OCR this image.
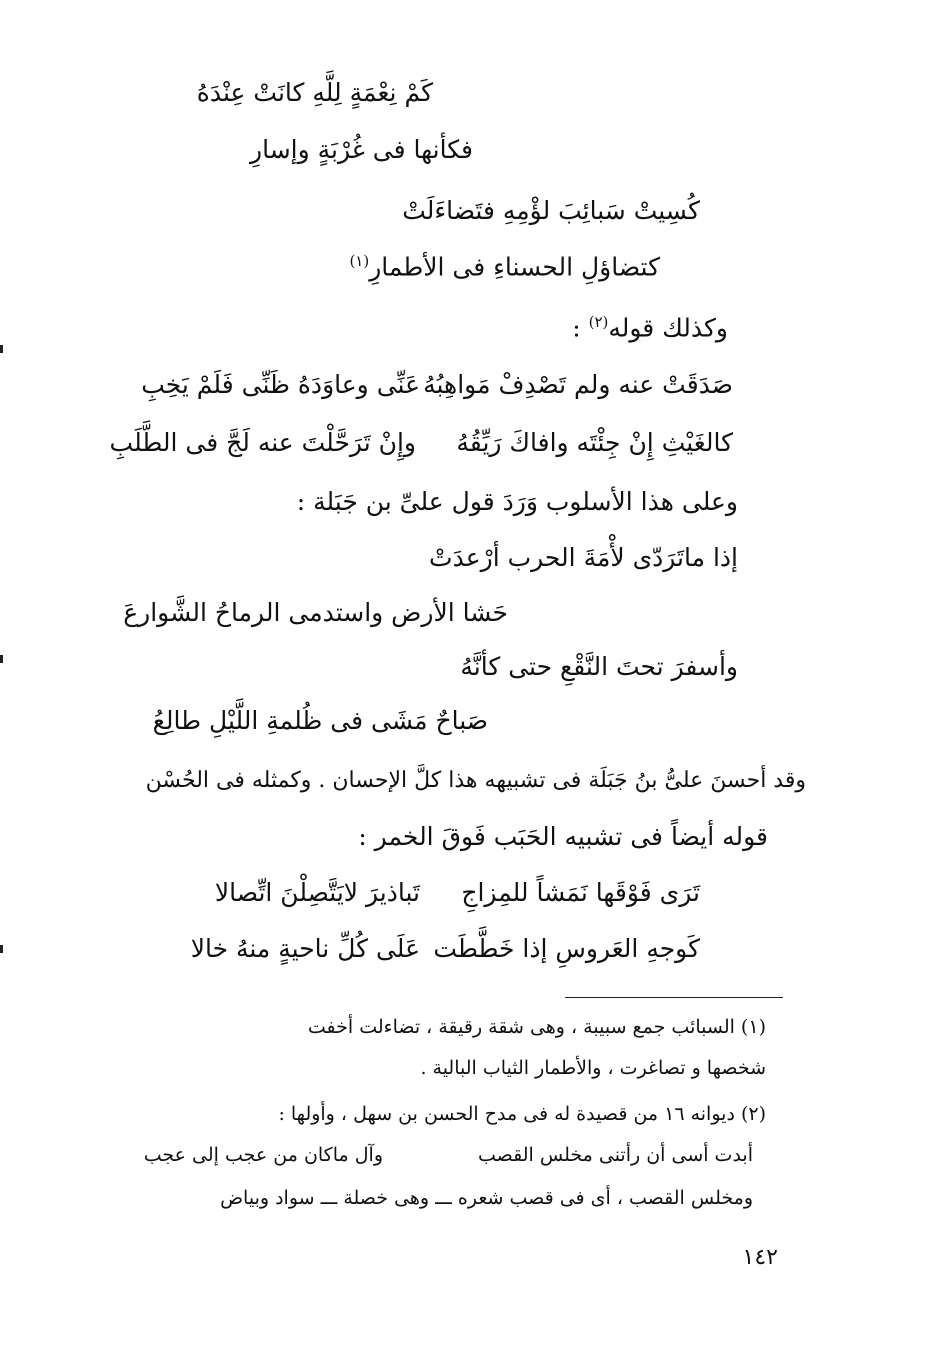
كَمْ نِعْمَةٍ لِلَّهِ كانَتْ عِنْدَهُ
فكأنها فى غُرْبَةٍ وإسارِ
كُسِيتْ سَبائِبَ لؤْمِهِ فتَضاءَلَتْ
كتضاؤلِ الحسناءِ فى الأطمارِ$^{(١)}$
وكذلك قوله$^{(٢)}$ :
صَدَقَتْ عنه ولم تَصْدِفْ مَواهِبُهُ
عَنِّى وعاوَدَهُ ظَنِّى فَلَمْ يَخِبِ
كالغَيْثِ إِنْ جِئْتَه وافاكَ رَيِّقُهُ
وإِنْ تَرَحَّلْتَ عنه لَجَّ فى الطَّلَبِ
وعلى هذا الأسلوب وَرَدَ قول علىِّ بن جَبَلة :
إذا ماتَرَدّى لأْمَةَ الحرب أرْعدَتْ
حَشا الأرض واستدمى الرماحُ الشَّوارعَ
وأسفرَ تحتَ النَّقْعِ حتى كأنَّهُ
صَباحٌ مَشَى فى ظُلمةِ اللَّيْلِ طالِعُ
وقد أحسنَ علىُّ بنُ جَبَلَة فى تشبيهه هذا كلَّ الإحسان . وكمثله فى الحُسْن
قوله أيضاً فى تشبيه الحَبَب فَوقَ الخمر :
تَرَى فَوْقَها نَمَشاً للمِزاجِ
تَباذيرَ لايَتَّصِلْنَ اتِّصالا
كَوجهِ العَروسِ إذا خَطَّطَت
عَلَى كُلِّ ناحيةٍ منهُ خالا
(١) السبائب جمع سبيبة ، وهى شقة رقيقة ، تضاءلت أخفت
شخصها و تصاغرت ، والأطمار الثياب البالية .
(٢) ديوانه ١٦ من قصيدة له فى مدح الحسن بن سهل ، وأولها :
أبدت أسى أن رأتنى مخلس القصب
وآل ماكان من عجب إلى عجب
ومخلس القصب ، أى فى قصب شعره ـــ وهى خصلة ـــ سواد وبياض
١٤٢
